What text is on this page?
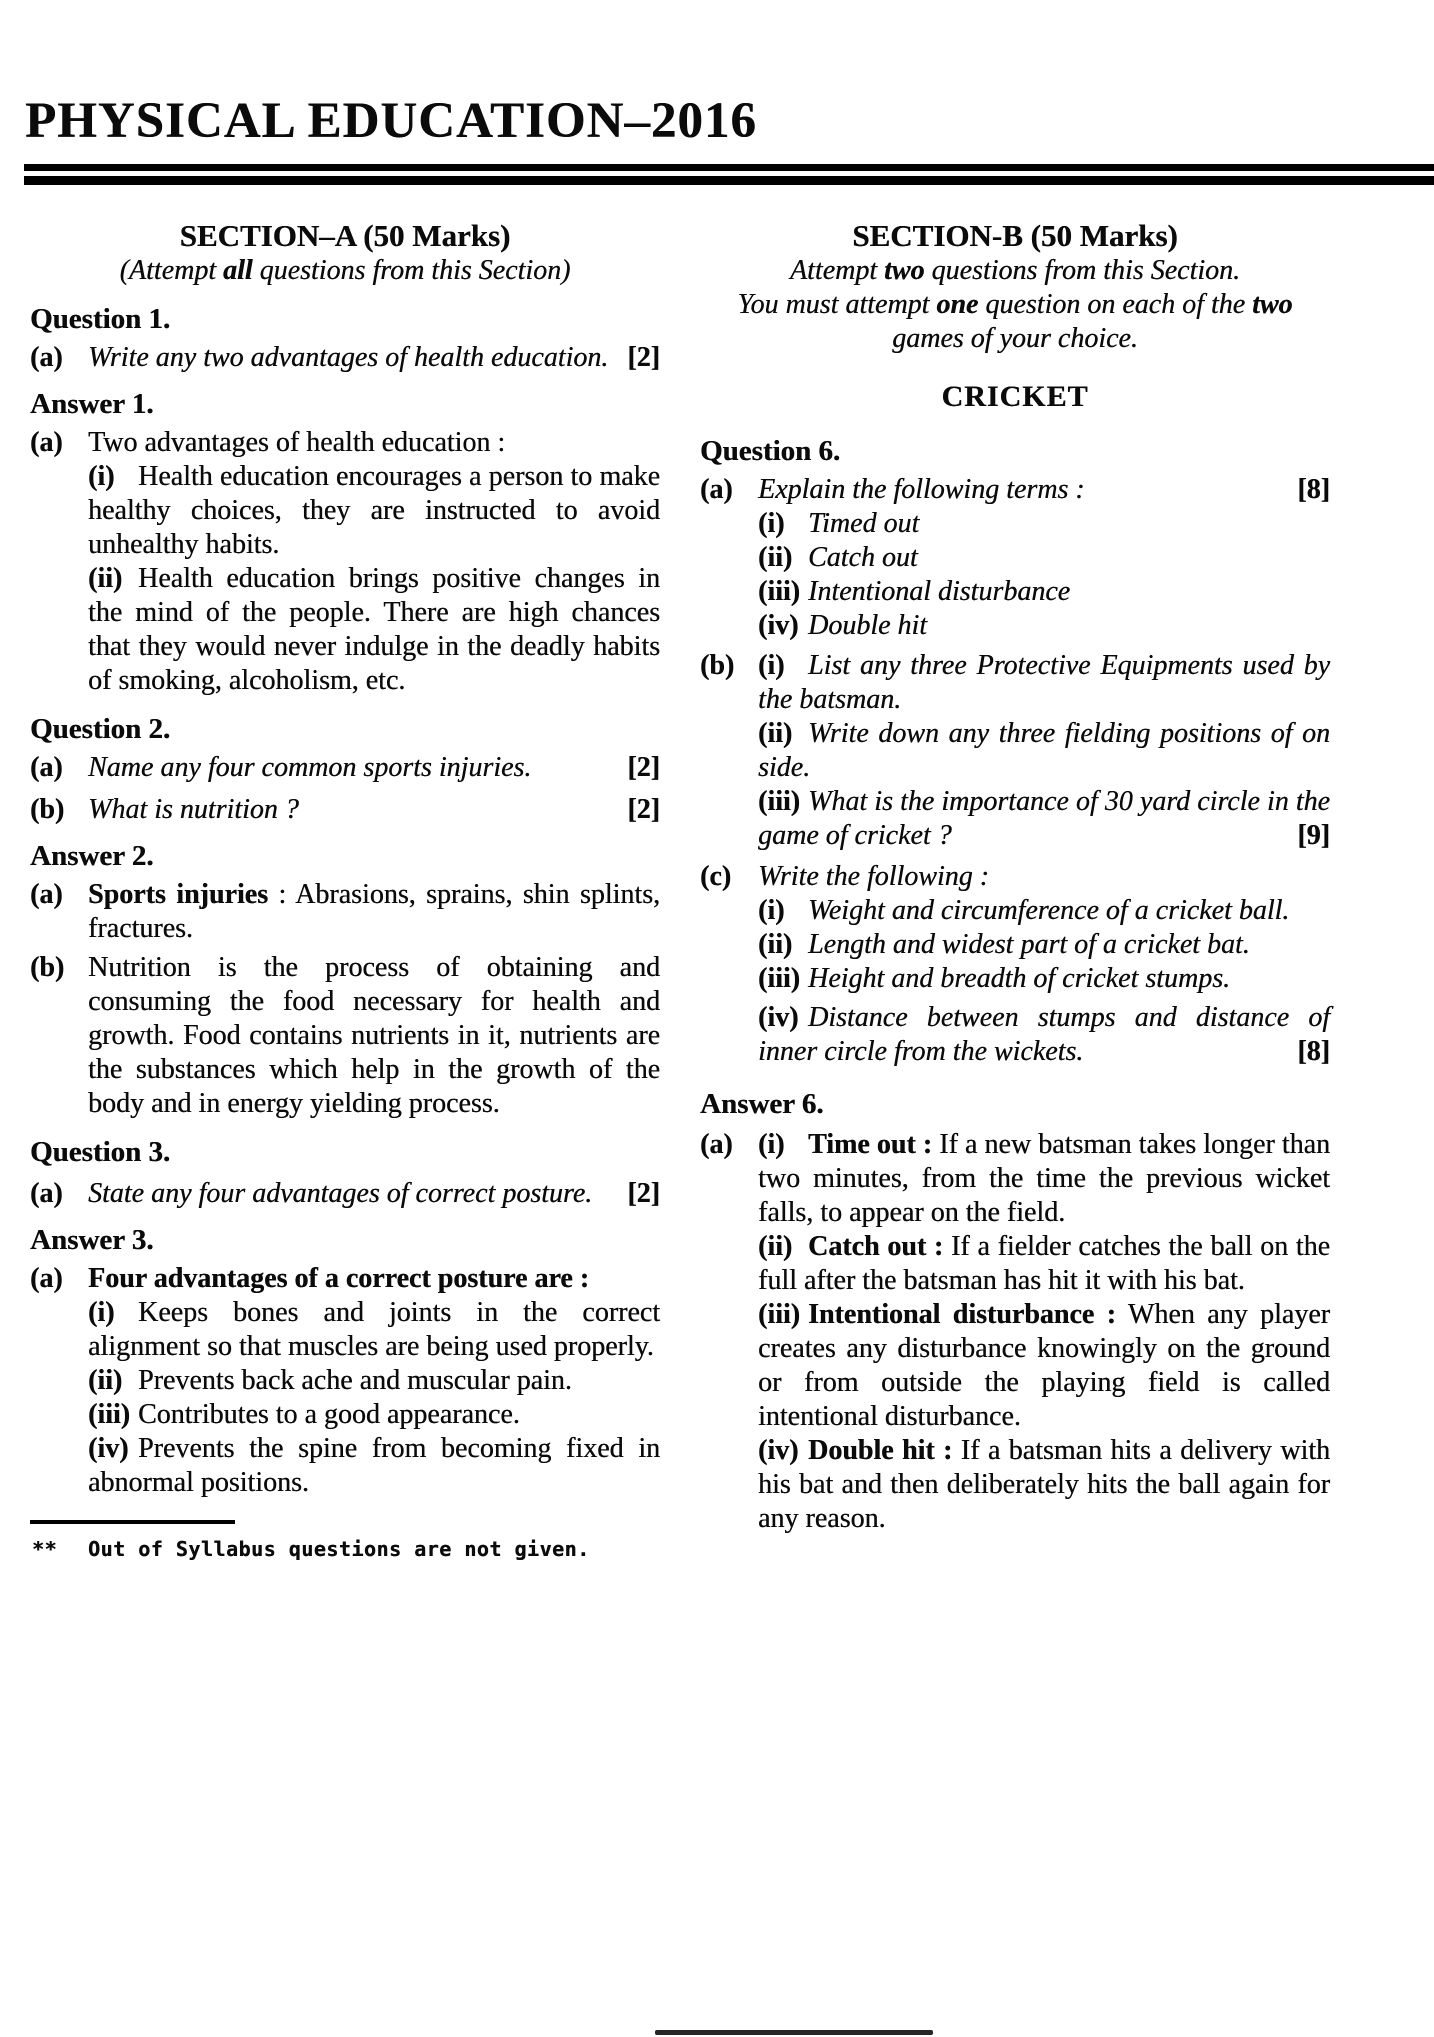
PHYSICAL EDUCATION–2016
SECTION–A (50 Marks)
(Attempt all questions from this Section)
Question 1.
(a) Write any two advantages of health education. [2]
Answer 1.
(a) Two advantages of health education :
(i) Health education encourages a person to make healthy choices, they are instructed to avoid unhealthy habits.
(ii) Health education brings positive changes in the mind of the people. There are high chances that they would never indulge in the deadly habits of smoking, alcoholism, etc.
Question 2.
(a) Name any four common sports injuries.	[2]
(b) What is nutrition ?	[2]
Answer 2.
(a) Sports injuries : Abrasions, sprains, shin splints, fractures.
(b) Nutrition is the process of obtaining and consuming the food necessary for health and growth. Food contains nutrients in it, nutrients are the substances which help in the growth of the body and in energy yielding process.
Question 3.
(a) State any four advantages of correct posture. [2]
Answer 3.
(a) Four advantages of a correct posture are :
(i) Keeps bones and joints in the correct alignment so that muscles are being used properly.
(ii) Prevents back ache and muscular pain.
(iii) Contributes to a good appearance.
(iv) Prevents the spine from becoming fixed in abnormal positions.
** Out of Syllabus questions are not given.
SECTION-B (50 Marks)
Attempt two questions from this Section.
You must attempt one question on each of the two games of your choice.
CRICKET
Question 6.
(a) Explain the following terms :	[8]
(i) Timed out
(ii) Catch out
(iii) Intentional disturbance
(iv) Double hit
(b) (i) List any three Protective Equipments used by the batsman.
(ii) Write down any three fielding positions of on side.
(iii) What is the importance of 30 yard circle in the game of cricket ?	[9]
(c) Write the following :
(i) Weight and circumference of a cricket ball.
(ii) Length and widest part of a cricket bat.
(iii) Height and breadth of cricket stumps.
(iv) Distance between stumps and distance of inner circle from the wickets.	[8]
Answer 6.
(a) (i) Time out : If a new batsman takes longer than two minutes, from the time the previous wicket falls, to appear on the field.
(ii) Catch out : If a fielder catches the ball on the full after the batsman has hit it with his bat.
(iii) Intentional disturbance : When any player creates any disturbance knowingly on the ground or from outside the playing field is called intentional disturbance.
(iv) Double hit : If a batsman hits a delivery with his bat and then deliberately hits the ball again for any reason.
